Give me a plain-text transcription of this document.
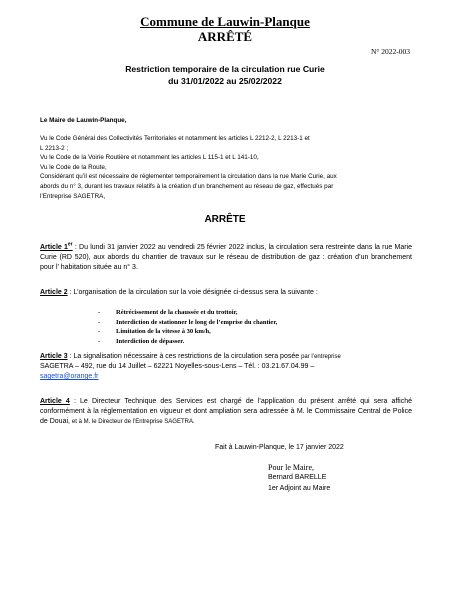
Commune de Lauwin-Planque
ARRÊTÉ
N° 2022-003
Restriction temporaire de la circulation rue Curie
du 31/01/2022 au 25/02/2022
Le Maire de Lauwin-Planque,
Vu le Code Général des Collectivités Territoriales et notamment les articles L 2212-2, L 2213-1 et
L 2213-2 ;
Vu le Code de la Voirie Routière et notamment les articles L 115-1 et L 141-10,
Vu le Code de la Route,
Considérant qu’il est nécessaire de réglementer temporairement la circulation dans la rue Marie Curie, aux
abords du n° 3, durant les travaux relatifs à la création d’un branchement au réseau de gaz, effectués par
l’Entreprise SAGETRA,
ARRÊTE
Article 1er : Du lundi 31 janvier 2022 au vendredi 25 février 2022 inclus, la circulation sera restreinte dans la rue Marie Curie (RD 520), aux abords du chantier de travaux sur le réseau de distribution de gaz : création d’un branchement pour l’ habitation située au n° 3.
Article 2 : L’organisation de la circulation sur la voie désignée ci-dessus sera la suivante :
-	Rétrécissement de la chaussée et du trottoir,
-	Interdiction de stationner le long de l’emprise du chantier,
-	Limitation de la vitesse à 30 km/h,
-	Interdiction de dépasser.
Article 3 : La signalisation nécessaire à ces restrictions de la circulation sera posée par l’entreprise
SAGETRA – 492, rue du 14 Juillet – 62221 Noyelles-sous-Lens – Tél. : 03.21.67.04.99 –
sagetra@orange.fr
Article 4 : Le Directeur Technique des Services est chargé de l’application du présent arrêté qui sera affiché conformément à la réglementation en vigueur et dont ampliation sera adressée à M. le Commissaire Central de Police de Douai, et à M. le Directeur de l’Entreprise SAGETRA.
Fait à Lauwin-Planque, le 17 janvier 2022
Pour le Maire,
Bernard BARELLE
1er Adjoint au Maire
